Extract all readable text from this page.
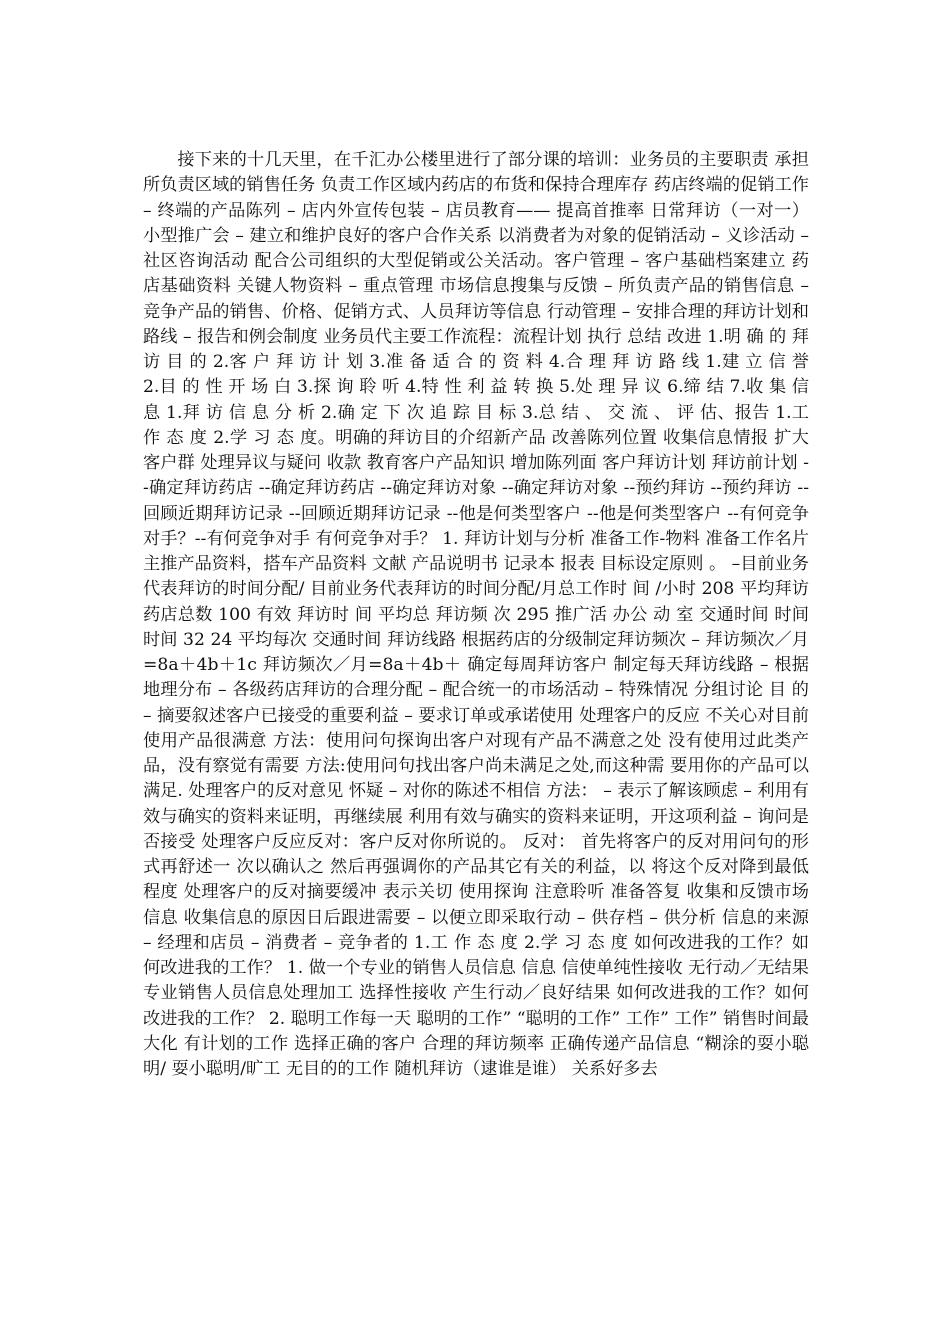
接下来的十几天里，在千汇办公楼里进行了部分课的培训：业务员的主要职责 承担所负责区域的销售任务 负责工作区域内药店的布货和保持合理库存 药店终端的促销工作 – 终端的产品陈列 – 店内外宣传包装 – 店员教育—— 提高首推率 日常拜访（一对一） 小型推广会 – 建立和维护良好的客户合作关系 以消费者为对象的促销活动 – 义诊活动 – 社区咨询活动 配合公司组织的大型促销或公关活动。客户管理 – 客户基础档案建立 药店基础资料 关键人物资料 – 重点管理 市场信息搜集与反馈 – 所负责产品的销售信息 – 竞争产品的销售、价格、促销方式、人员拜访等信息 行动管理 – 安排合理的拜访计划和路线 – 报告和例会制度 业务员代主要工作流程：流程计划 执行 总结 改进 1.明 确 的 拜 访 目 的 2.客 户 拜 访 计 划 3.准 备 适 合 的 资 料 4.合 理 拜 访 路 线 1.建 立 信 誉 2.目 的 性 开 场 白 3.探 询 聆 听 4.特 性 利 益 转 换 5.处 理 异 议 6.缔 结 7.收 集 信 息 1.拜 访 信 息 分 析 2.确 定 下 次 追 踪 目 标 3.总 结 、 交 流 、 评 估、报告 1.工 作 态 度 2.学 习 态 度。明确的拜访目的介绍新产品 改善陈列位置 收集信息情报 扩大客户群 处理异议与疑问 收款 教育客户产品知识 增加陈列面 客户拜访计划 拜访前计划 --确定拜访药店 --确定拜访药店 --确定拜访对象 --确定拜访对象 --预约拜访 --预约拜访 --回顾近期拜访记录 --回顾近期拜访记录 --他是何类型客户 --他是何类型客户 --有何竞争对手？--有何竞争对手 有何竞争对手？ 1. 拜访计划与分析 准备工作-物料 准备工作名片 主推产品资料，搭车产品资料 文献 产品说明书 记录本 报表 目标设定原则 。 –目前业务代表拜访的时间分配/ 目前业务代表拜访的时间分配/月总工作时 间 /小时 208 平均拜访 药店总数 100 有效 拜访时 间 平均总 拜访频 次 295 推广活 办公 动 室 交通时间 时间 时间 32 24 平均每次 交通时间 拜访线路 根据药店的分级制定拜访频次 – 拜访频次／月=8a＋4b＋1c 拜访频次／月=8a＋4b＋ 确定每周拜访客户 制定每天拜访线路 – 根据地理分布 – 各级药店拜访的合理分配 – 配合统一的市场活动 – 特殊情况 分组讨论 目 的 – 摘要叙述客户已接受的重要利益 – 要求订单或承诺使用 处理客户的反应 不关心对目前使用产品很满意 方法：使用问句探询出客户对现有产品不满意之处 没有使用过此类产品，没有察觉有需要 方法:使用问句找出客户尚未满足之处,而这种需 要用你的产品可以满足. 处理客户的反对意见 怀疑 – 对你的陈述不相信 方法： – 表示了解该顾虑 – 利用有效与确实的资料来证明，再继续展 利用有效与确实的资料来证明，开这项利益 – 询问是否接受 处理客户反应反对：客户反对你所说的。 反对： 首先将客户的反对用问句的形式再舒述一 次以确认之 然后再强调你的产品其它有关的利益，以 将这个反对降到最低程度 处理客户的反对摘要缓冲 表示关切 使用探询 注意聆听 准备答复 收集和反馈市场信息 收集信息的原因日后跟进需要 – 以便立即采取行动 – 供存档 – 供分析 信息的来源 – 经理和店员 – 消费者 – 竞争者的 1.工 作 态 度 2.学 习 态 度 如何改进我的工作？如何改进我的工作？ 1. 做一个专业的销售人员信息 信息 信使单纯性接收 无行动／无结果 专业销售人员信息处理加工 选择性接收 产生行动／良好结果 如何改进我的工作？如何改进我的工作？ 2. 聪明工作每一天 聪明的工作” “聪明的工作” 工作” 工作” 销售时间最大化 有计划的工作 选择正确的客户 合理的拜访频率 正确传递产品信息 “糊涂的耍小聪明/ 耍小聪明/旷工 无目的的工作 随机拜访（逮谁是谁） 关系好多去
